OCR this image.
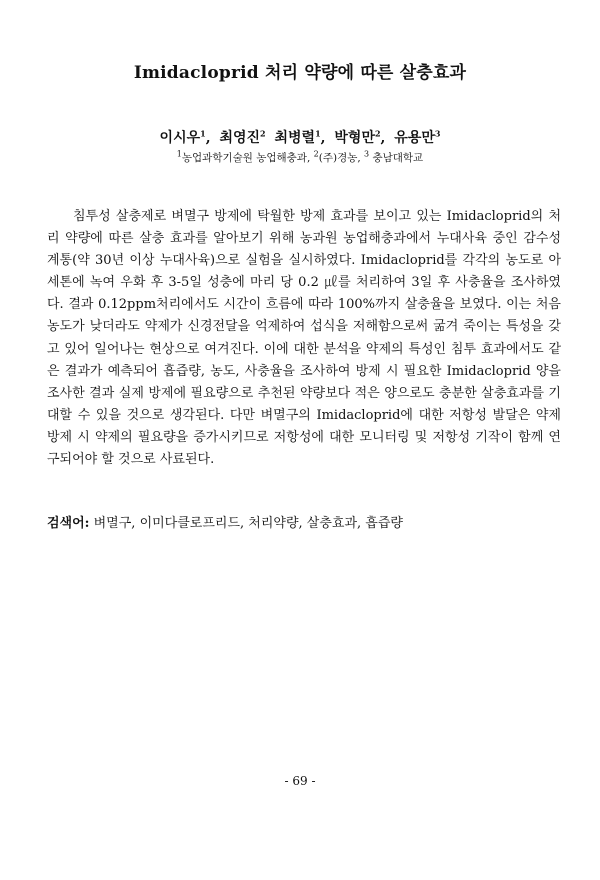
Imidacloprid 처리 약량에 따른 살충효과
이시우$^1$, 최영진$^2$ 최병렬$^1$, 박형만$^2$, 유용만$^3$
$^1$농업과학기술원 농업해충과, $^2$(주)경농, $^3$ 충남대학교

침투성 살충제로 벼멸구 방제에 탁월한 방제 효과를 보이고 있는 Imidacloprid의 처리 약량에 따른 살충 효과를 알아보기 위해 농과원 농업해충과에서 누대사육 중인 감수성 계통(약 30년 이상 누대사육)으로 실험을 실시하였다. Imidacloprid를 각각의 농도로 아세톤에 녹여 우화 후 3-5일 성충에 마리 당 0.2 ㎕를 처리하여 3일 후 사충율을 조사하였다. 결과 0.12ppm처리에서도 시간이 흐름에 따라 100%까지 살충율을 보였다. 이는 처음 농도가 낮더라도 약제가 신경전달을 억제하여 섭식을 저해함으로써 굶겨 죽이는 특성을 갖고 있어 일어나는 현상으로 여겨진다. 이에 대한 분석을 약제의 특성인 침투 효과에서도 같은 결과가 예측되어 흡즙량, 농도, 사충율을 조사하여 방제 시 필요한 Imidacloprid 양을 조사한 결과 실제 방제에 필요량으로 추천된 약량보다 적은 양으로도 충분한 살충효과를 기대할 수 있을 것으로 생각된다. 다만 벼멸구의 Imidacloprid에 대한 저항성 발달은 약제 방제 시 약제의 필요량을 증가시키므로 저항성에 대한 모니터링 및 저항성 기작이 함께 연구되어야 할 것으로 사료된다.

검색어: 벼멸구, 이미다클로프리드, 처리약량, 살충효과, 흡즙량
- 69 -
